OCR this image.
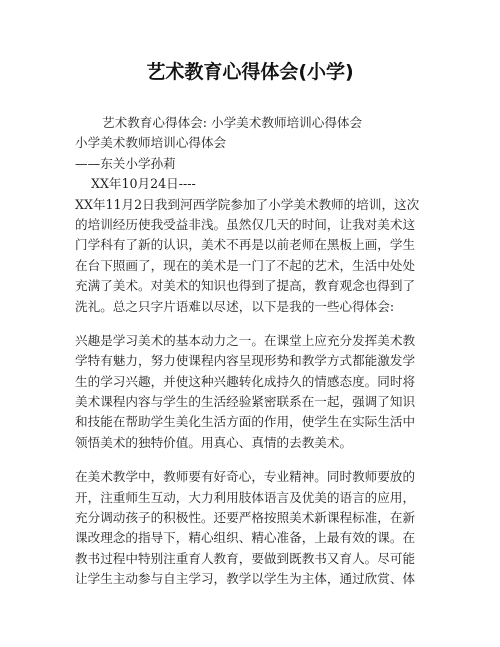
艺术教育心得体会(小学)
艺术教育心得体会: 小学美术教师培训心得体会
小学美术教师培训心得体会
——东关小学孙莉
XX年10月24日----
XX年11月2日我到河西学院参加了小学美术教师的培训，这次
的培训经历使我受益非浅。虽然仅几天的时间，让我对美术这
门学科有了新的认识，美术不再是以前老师在黑板上画，学生
在台下照画了，现在的美术是一门了不起的艺术，生活中处处
充满了美术。对美术的知识也得到了提高，教育观念也得到了
洗礼。总之只字片语难以尽述，以下是我的一些心得体会:
兴趣是学习美术的基本动力之一。在课堂上应充分发挥美术教
学特有魅力，努力使课程内容呈现形势和教学方式都能激发学
生的学习兴趣，并使这种兴趣转化成持久的情感态度。同时将
美术课程内容与学生的生活经验紧密联系在一起，强调了知识
和技能在帮助学生美化生活方面的作用，使学生在实际生活中
领悟美术的独特价值。用真心、真情的去教美术。
在美术教学中，教师要有好奇心，专业精神。同时教师要放的
开，注重师生互动，大力利用肢体语言及优美的语言的应用，
充分调动孩子的积极性。还要严格按照美术新课程标准，在新
课改理念的指导下，精心组织、精心准备，上最有效的课。在
教书过程中特别注重育人教育，要做到既教书又育人。尽可能
让学生主动参与自主学习，教学以学生为主体，通过欣赏、体
